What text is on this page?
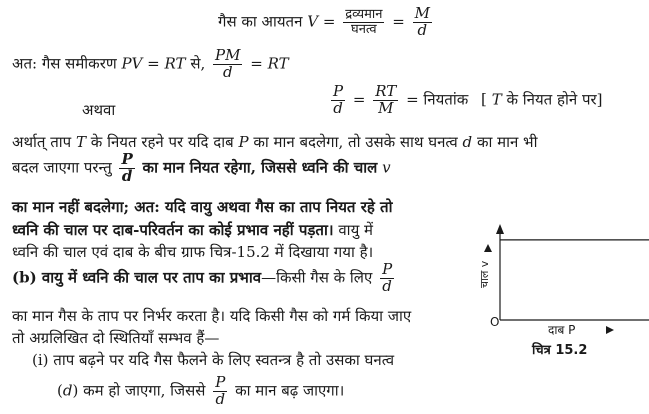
गैस का आयतन $V = \frac{\text{द्रव्यमान}}{\text{घनत्व}} = \frac{M}{d}$
अत: गैस समीकरण PV = RT से, $\frac{PM}{d}$ = RT
अथवा	$\frac{P}{d} = \frac{RT}{M}$ = नियतांक [ T के नियत होने पर]
अर्थात् ताप T के नियत रहने पर यदि दाब P का मान बदलेगा, तो उसके साथ घनत्व d का मान भी
बदल जाएगा परन्तु $\frac{P}{d}$ का मान नियत रहेगा, जिससे ध्वनि की चाल v
का मान नहीं बदलेगा; अत: यदि वायु अथवा गैस का ताप नियत रहे तो
ध्वनि की चाल पर दाब-परिवर्तन का कोई प्रभाव नहीं पड़ता। वायु में
ध्वनि की चाल एवं दाब के बीच ग्राफ चित्र-15.2 में दिखाया गया है।
(b) वायु में ध्वनि की चाल पर ताप का प्रभाव—किसी गैस के लिए $\frac{P}{d}$
का मान गैस के ताप पर निर्भर करता है। यदि किसी गैस को गर्म किया जाए
तो अग्रलिखित दो स्थितियाँ सम्भव हैं—
(i) ताप बढ़ने पर यदि गैस फैलने के लिए स्वतन्त्र है तो उसका घनत्व
(d) कम हो जाएगा, जिससे $\frac{P}{d}$ का मान बढ़ जाएगा।
चाल v
O
दाब P
चित्र 15.2
